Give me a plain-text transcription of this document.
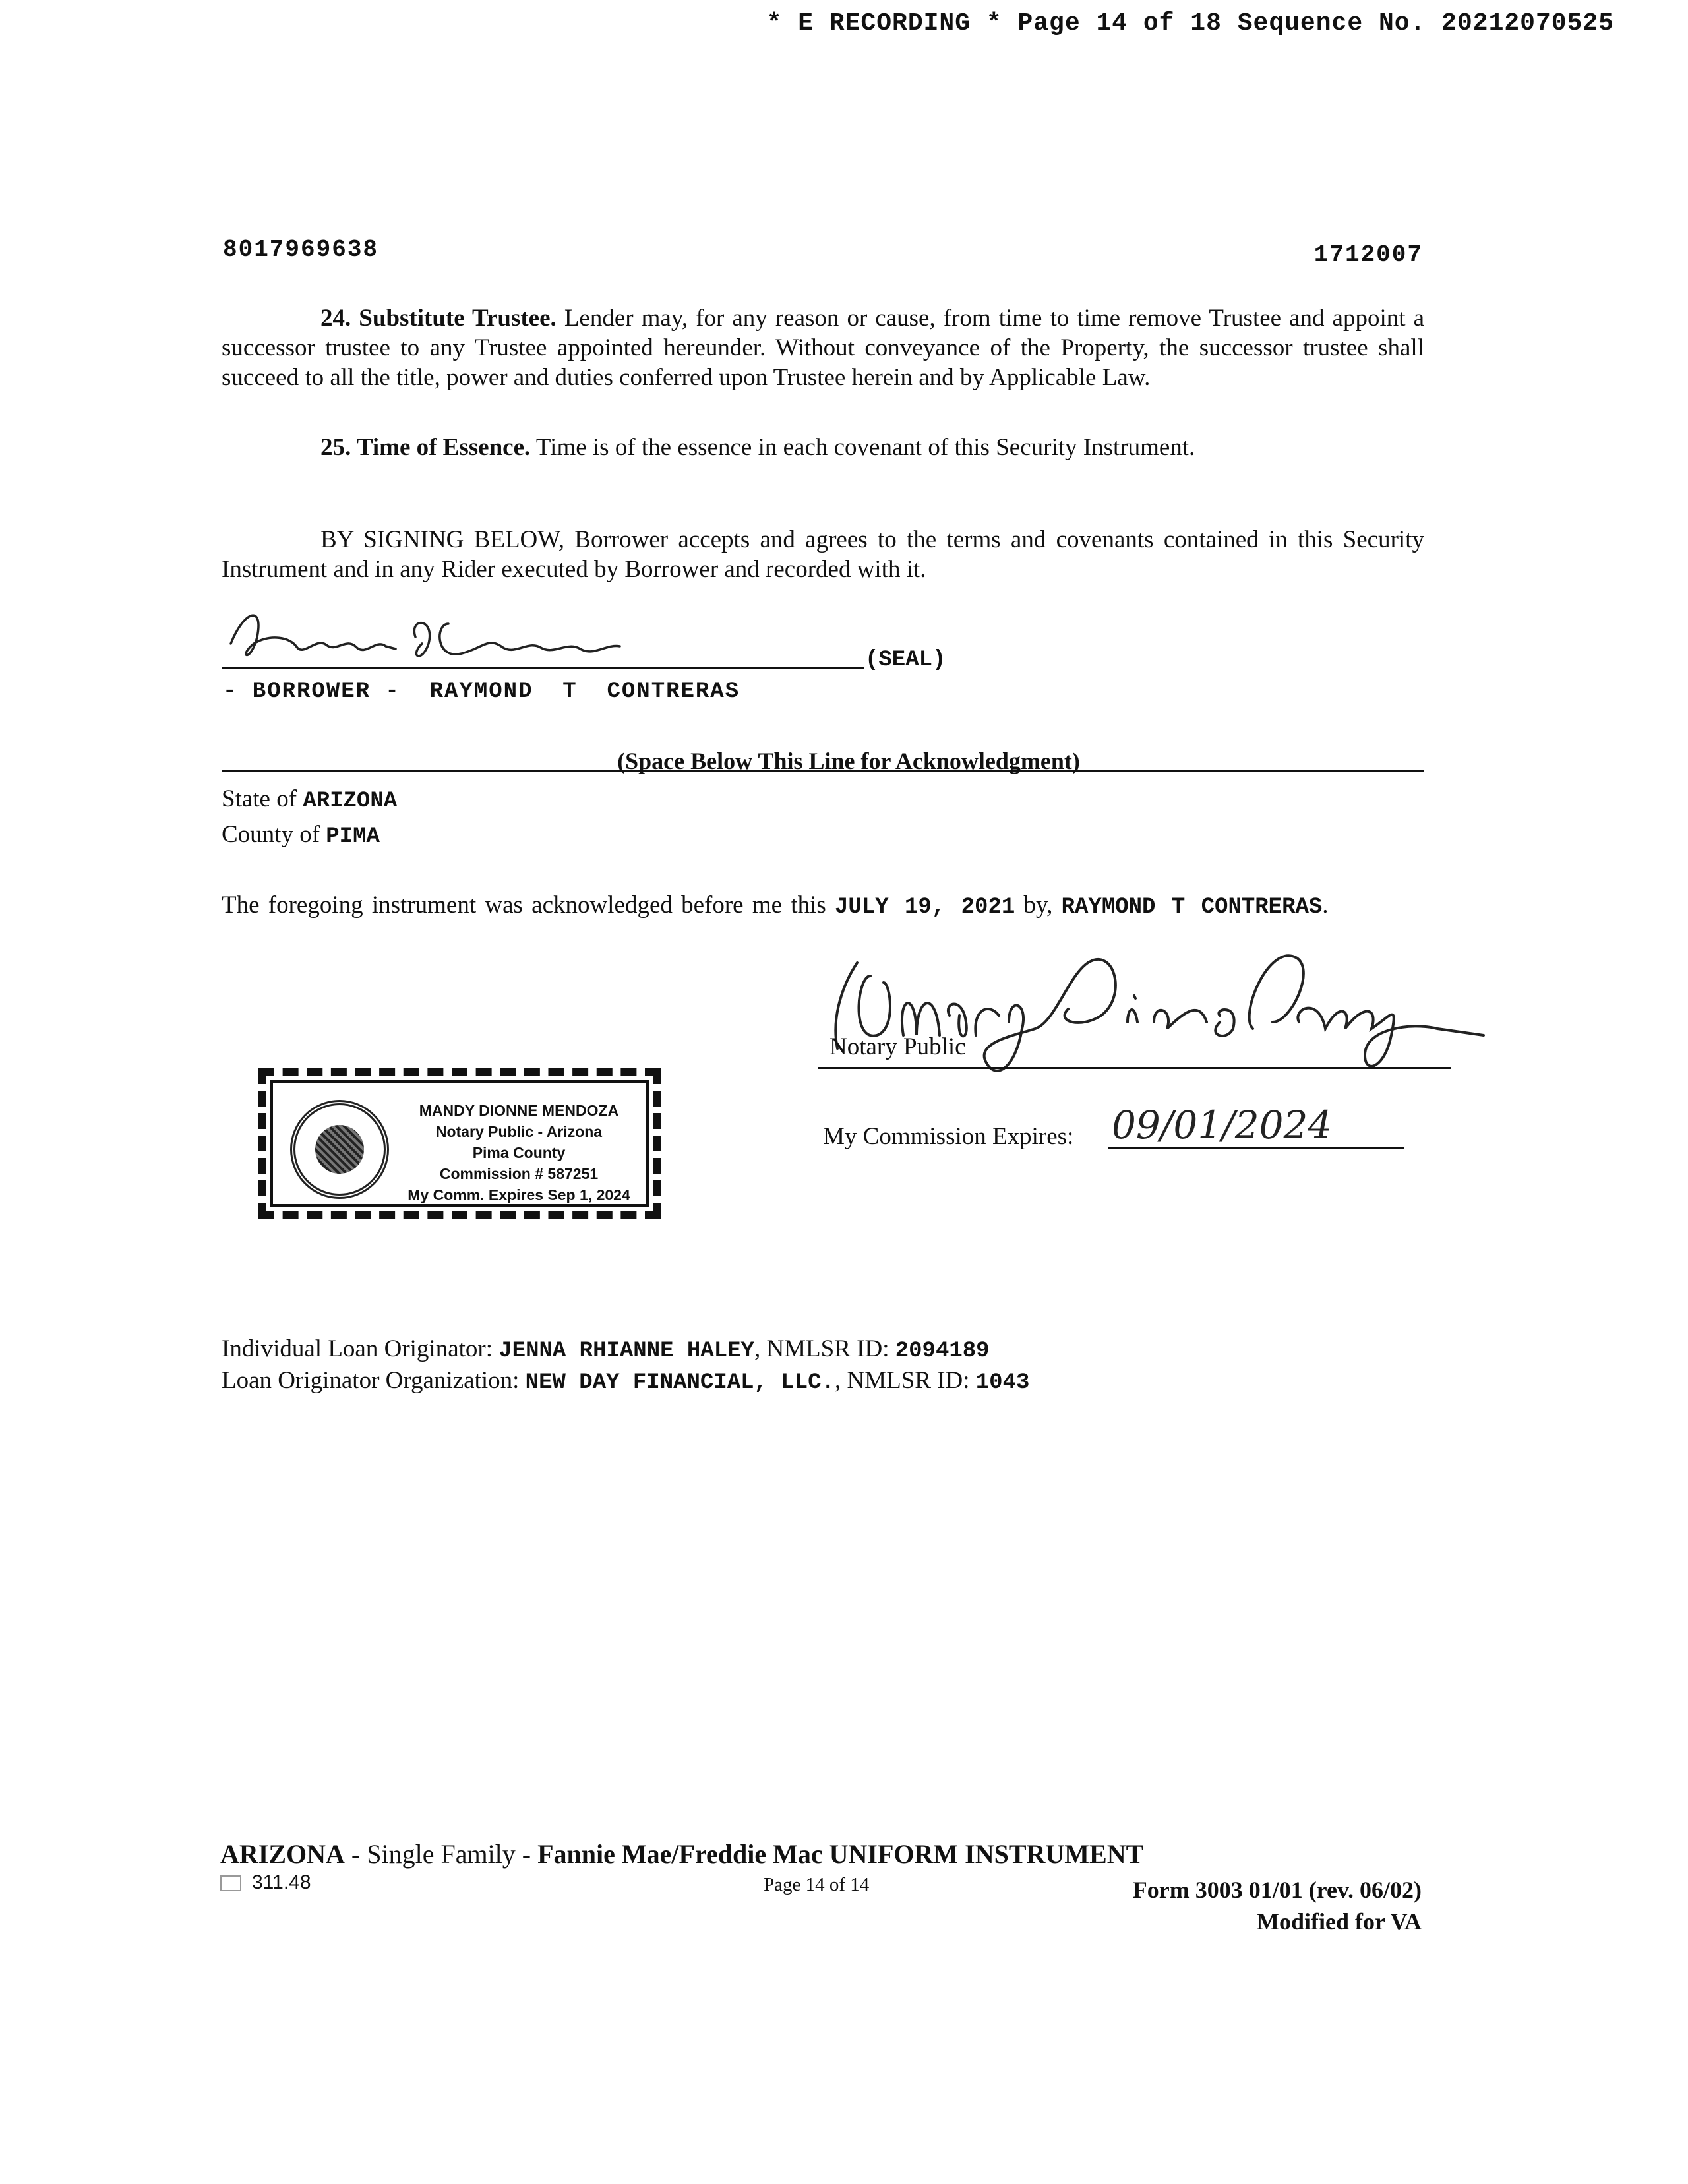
* E RECORDING * Page 14 of 18 Sequence No. 20212070525
8017969638	1712007
24. Substitute Trustee. Lender may, for any reason or cause, from time to time remove Trustee and appoint a successor trustee to any Trustee appointed hereunder. Without conveyance of the Property, the successor trustee shall succeed to all the title, power and duties conferred upon Trustee herein and by Applicable Law.
25. Time of Essence. Time is of the essence in each covenant of this Security Instrument.
BY SIGNING BELOW, Borrower accepts and agrees to the terms and covenants contained in this Security Instrument and in any Rider executed by Borrower and recorded with it.
(SEAL)
- BORROWER -  RAYMOND  T  CONTRERAS
(Space Below This Line for Acknowledgment)
State of ARIZONA
County of PIMA
The foregoing instrument was acknowledged before me this JULY 19, 2021 by, RAYMOND T CONTRERAS.
Notary Public
My Commission Expires: 09/01/2024
MANDY DIONNE MENDOZA
Notary Public - Arizona
Pima County
Commission # 587251
My Comm. Expires Sep 1, 2024
Individual Loan Originator: JENNA RHIANNE HALEY, NMLSR ID: 2094189
Loan Originator Organization: NEW DAY FINANCIAL, LLC., NMLSR ID: 1043
ARIZONA - Single Family - Fannie Mae/Freddie Mac UNIFORM INSTRUMENT
311.48	Page 14 of 14	Form 3003 01/01 (rev. 06/02)
Modified for VA
